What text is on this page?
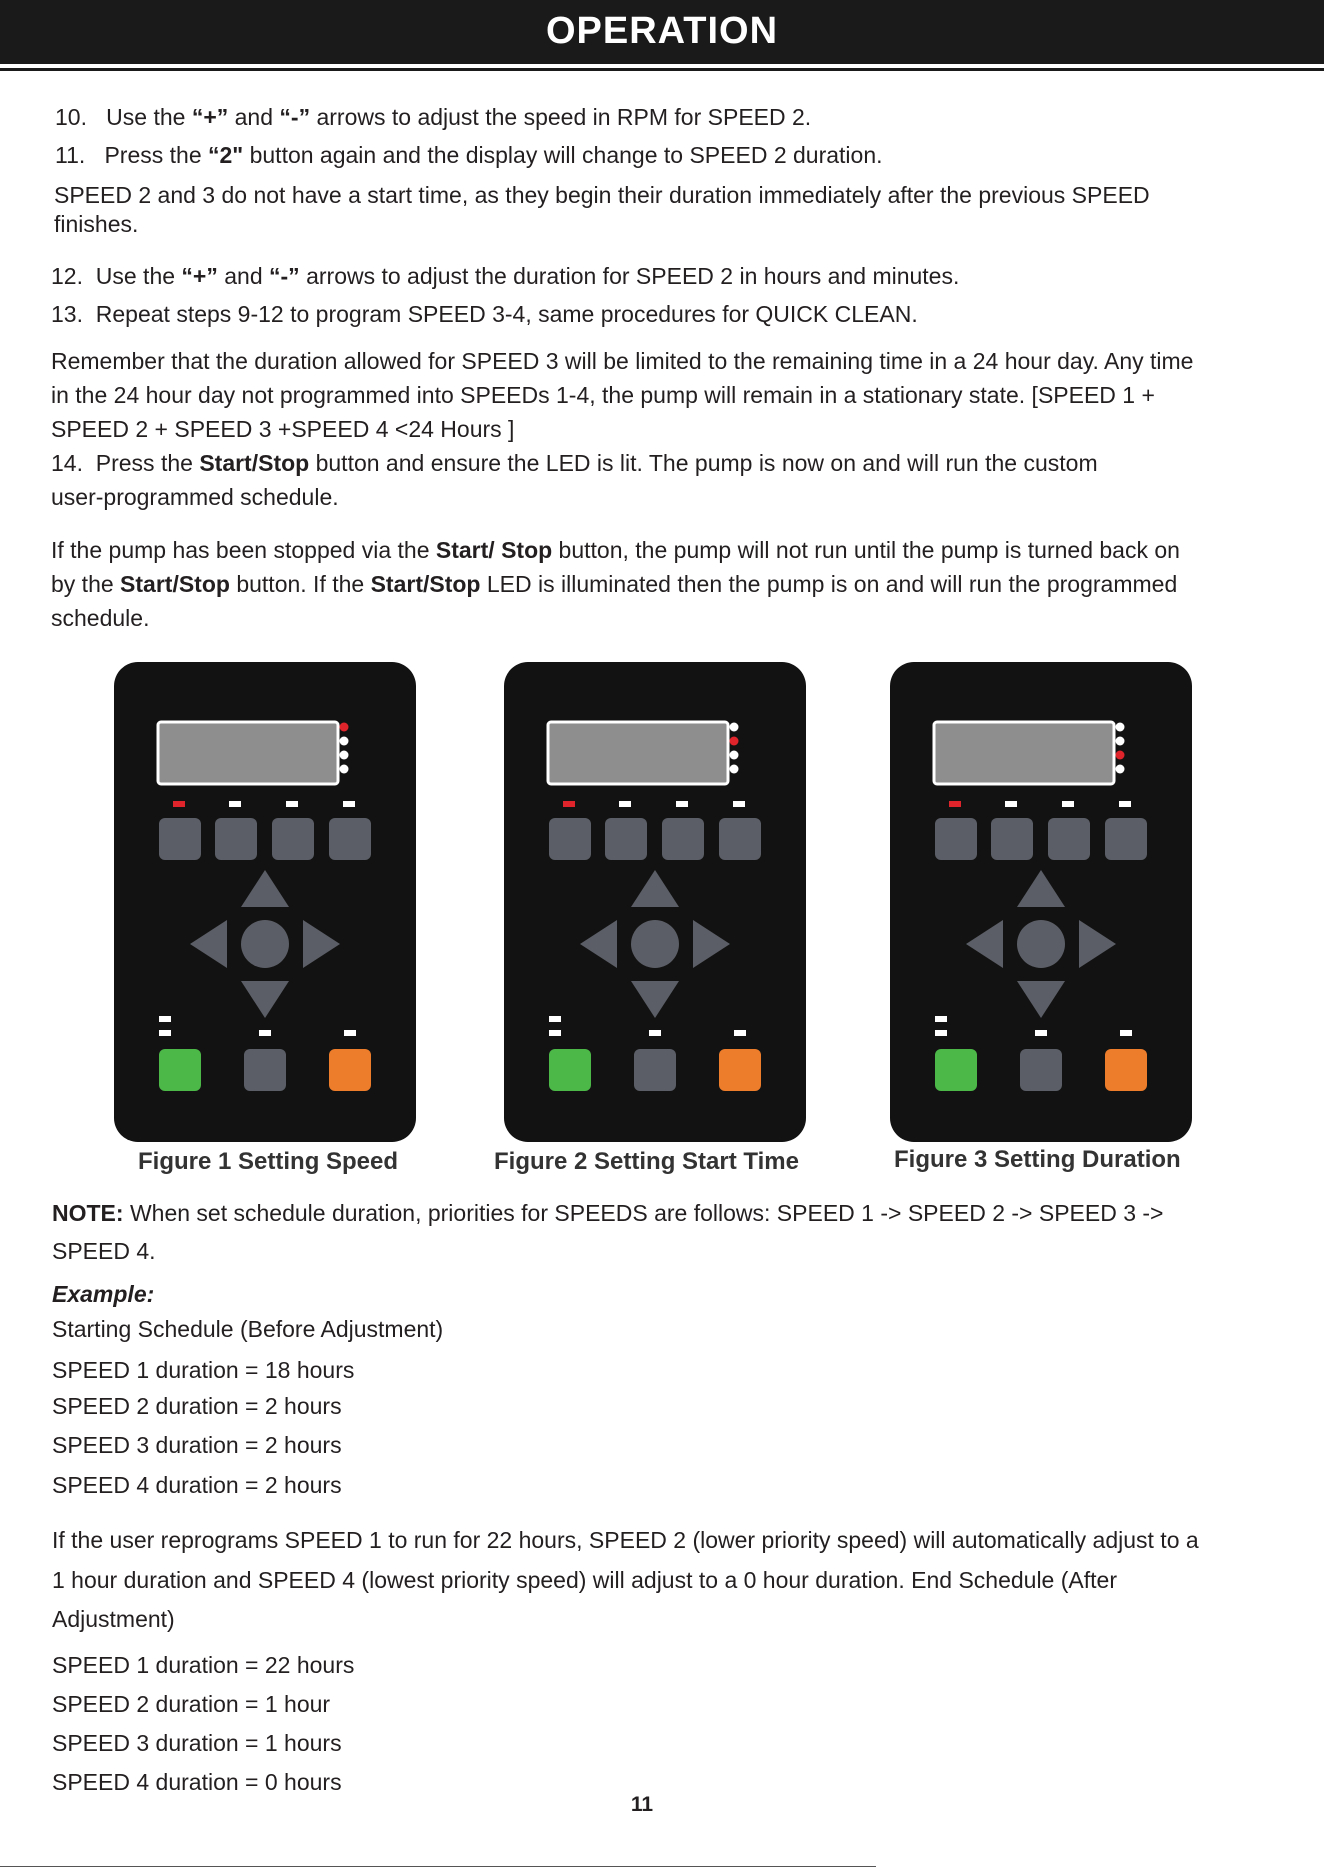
OPERATION
10. Use the “+” and “-” arrows to adjust the speed in RPM for SPEED 2.
11. Press the “2" button again and the display will change to SPEED 2 duration.
SPEED 2 and 3 do not have a start time, as they begin their duration immediately after the previous SPEED
finishes.
12. Use the “+” and “-” arrows to adjust the duration for SPEED 2 in hours and minutes.
13. Repeat steps 9-12 to program SPEED 3-4, same procedures for QUICK CLEAN.
Remember that the duration allowed for SPEED 3 will be limited to the remaining time in a 24 hour day. Any time
in the 24 hour day not programmed into SPEEDs 1-4, the pump will remain in a stationary state. [SPEED 1 +
SPEED 2 + SPEED 3 +SPEED 4 <24 Hours ]
14. Press the Start/Stop button and ensure the LED is lit. The pump is now on and will run the custom
user-programmed schedule.
If the pump has been stopped via the Start/ Stop button, the pump will not run until the pump is turned back on
by the Start/Stop button. If the Start/Stop LED is illuminated then the pump is on and will run the programmed
schedule.
Figure 1 Setting Speed	Figure 2 Setting Start Time	Figure 3 Setting Duration
NOTE: When set schedule duration, priorities for SPEEDS are follows: SPEED 1 -> SPEED 2 -> SPEED 3 ->
SPEED 4.
Example:
Starting Schedule (Before Adjustment)
SPEED 1 duration = 18 hours
SPEED 2 duration = 2 hours
SPEED 3 duration = 2 hours
SPEED 4 duration = 2 hours
If the user reprograms SPEED 1 to run for 22 hours, SPEED 2 (lower priority speed) will automatically adjust to a
1 hour duration and SPEED 4 (lowest priority speed) will adjust to a 0 hour duration. End Schedule (After
Adjustment)
SPEED 1 duration = 22 hours
SPEED 2 duration = 1 hour
SPEED 3 duration = 1 hours
SPEED 4 duration = 0 hours
11
